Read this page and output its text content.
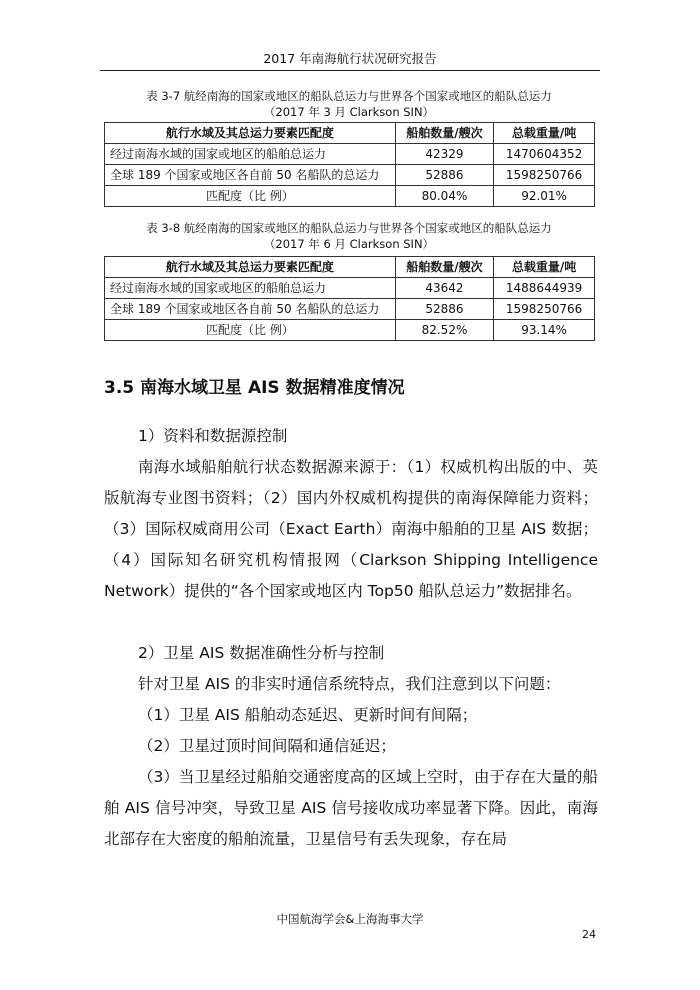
2017 年南海航行状况研究报告
表 3-7 航经南海的国家或地区的船队总运力与世界各个国家或地区的船队总运力
（2017 年 3 月 Clarkson SIN）
航行水域及其总运力要素匹配度	船舶数量/艘次	总载重量/吨
经过南海水域的国家或地区的船舶总运力	42329	1470604352
全球 189 个国家或地区各自前 50 名船队的总运力	52886	1598250766
匹配度（比 例）	80.04%	92.01%
表 3-8 航经南海的国家或地区的船队总运力与世界各个国家或地区的船队总运力
（2017 年 6 月 Clarkson SIN）
航行水域及其总运力要素匹配度	船舶数量/艘次	总载重量/吨
经过南海水域的国家或地区的船舶总运力	43642	1488644939
全球 189 个国家或地区各自前 50 名船队的总运力	52886	1598250766
匹配度（比 例）	82.52%	93.14%
3.5 南海水域卫星 AIS 数据精准度情况
1）资料和数据源控制
南海水域船舶航行状态数据源来源于：（1）权威机构出版的中、英版航海专业图书资料；（2）国内外权威机构提供的南海保障能力资料；（3）国际权威商用公司（Exact Earth）南海中船舶的卫星 AIS 数据；（4）国际知名研究机构情报网（Clarkson Shipping Intelligence Network）提供的“各个国家或地区内 Top50 船队总运力”数据排名。
2）卫星 AIS 数据准确性分析与控制
针对卫星 AIS 的非实时通信系统特点，我们注意到以下问题：
（1）卫星 AIS 船舶动态延迟、更新时间有间隔；
（2）卫星过顶时间间隔和通信延迟；
（3）当卫星经过船舶交通密度高的区域上空时，由于存在大量的船舶 AIS 信号冲突，导致卫星 AIS 信号接收成功率显著下降。因此，南海北部存在大密度的船舶流量，卫星信号有丢失现象，存在局
中国航海学会&上海海事大学
24
